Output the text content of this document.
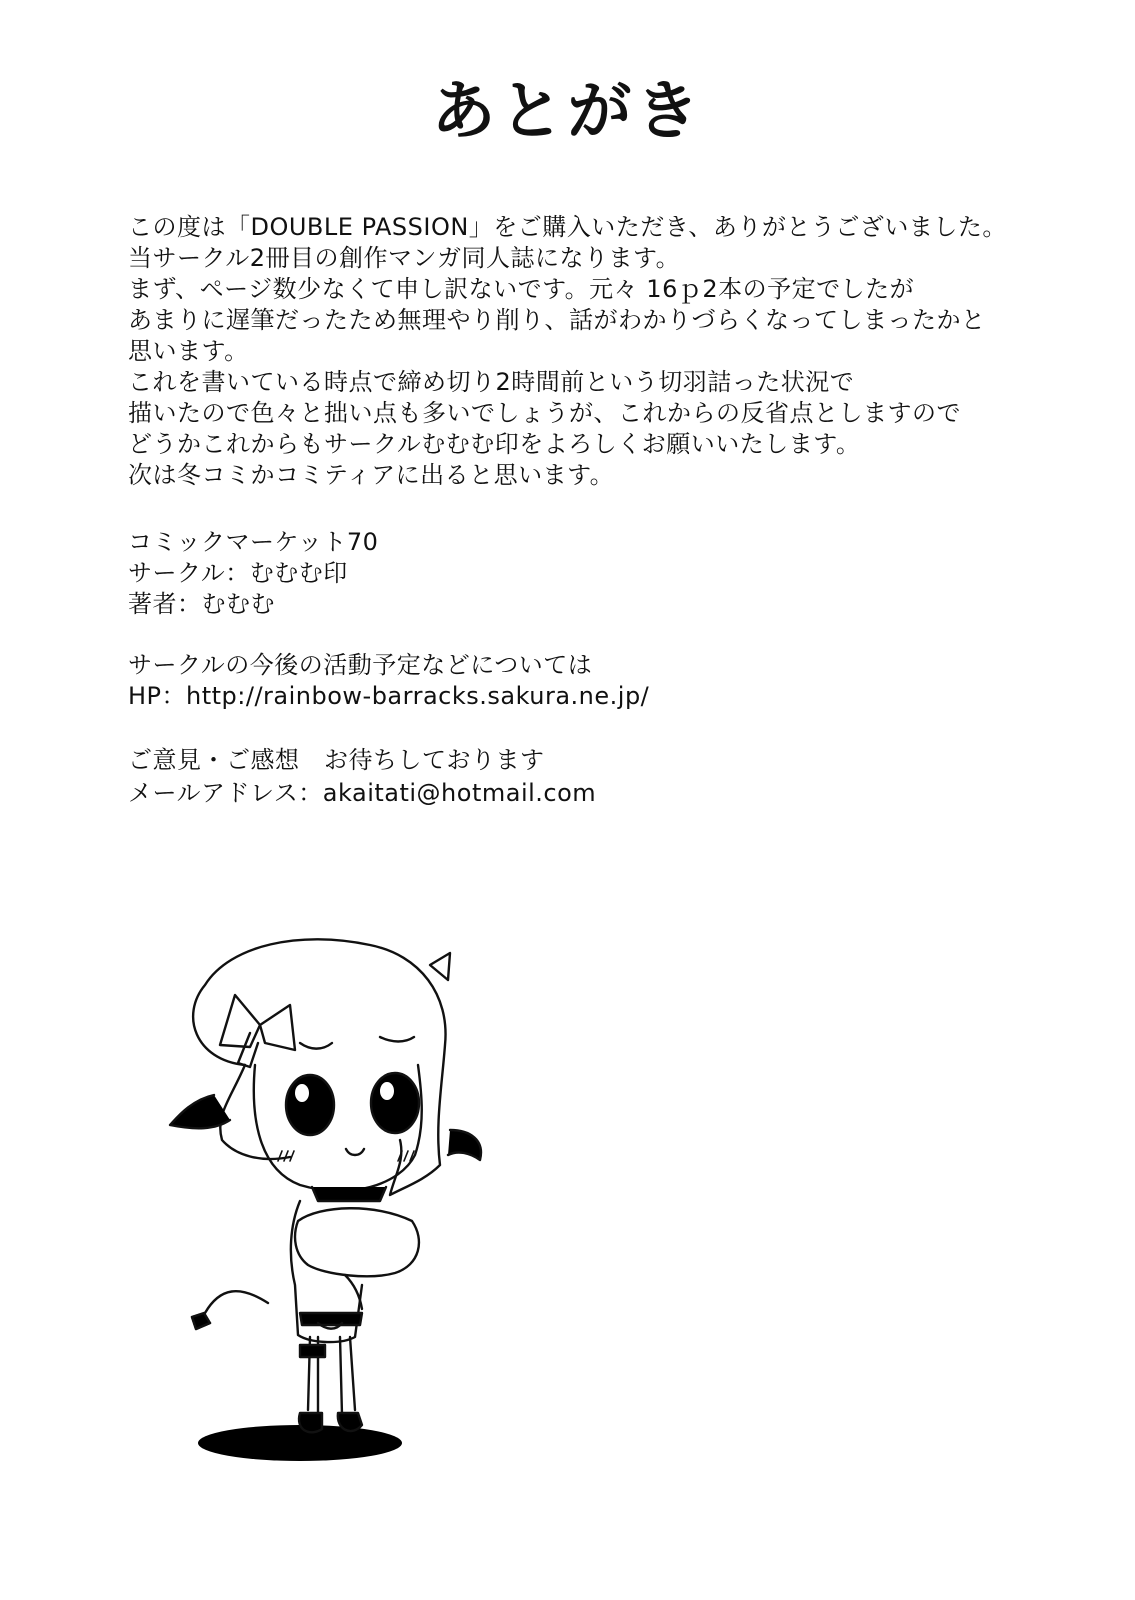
あとがき
この度は「DOUBLE PASSION」をご購入いただき、ありがとうございました。
当サークル2冊目の創作マンガ同人誌になります。
まず、ページ数少なくて申し訳ないです。元々 16ｐ2本の予定でしたが
あまりに遅筆だったため無理やり削り、話がわかりづらくなってしまったかと
思います。
これを書いている時点で締め切り2時間前という切羽詰った状況で
描いたので色々と拙い点も多いでしょうが、これからの反省点としますので
どうかこれからもサークルむむむ印をよろしくお願いいたします。
次は冬コミかコミティアに出ると思います。
コミックマーケット70
サークル：むむむ印
著者：むむむ
サークルの今後の活動予定などについては
HP：http://rainbow-barracks.sakura.ne.jp/
ご意見・ご感想　お待ちしております
メールアドレス：akaitati@hotmail.com
